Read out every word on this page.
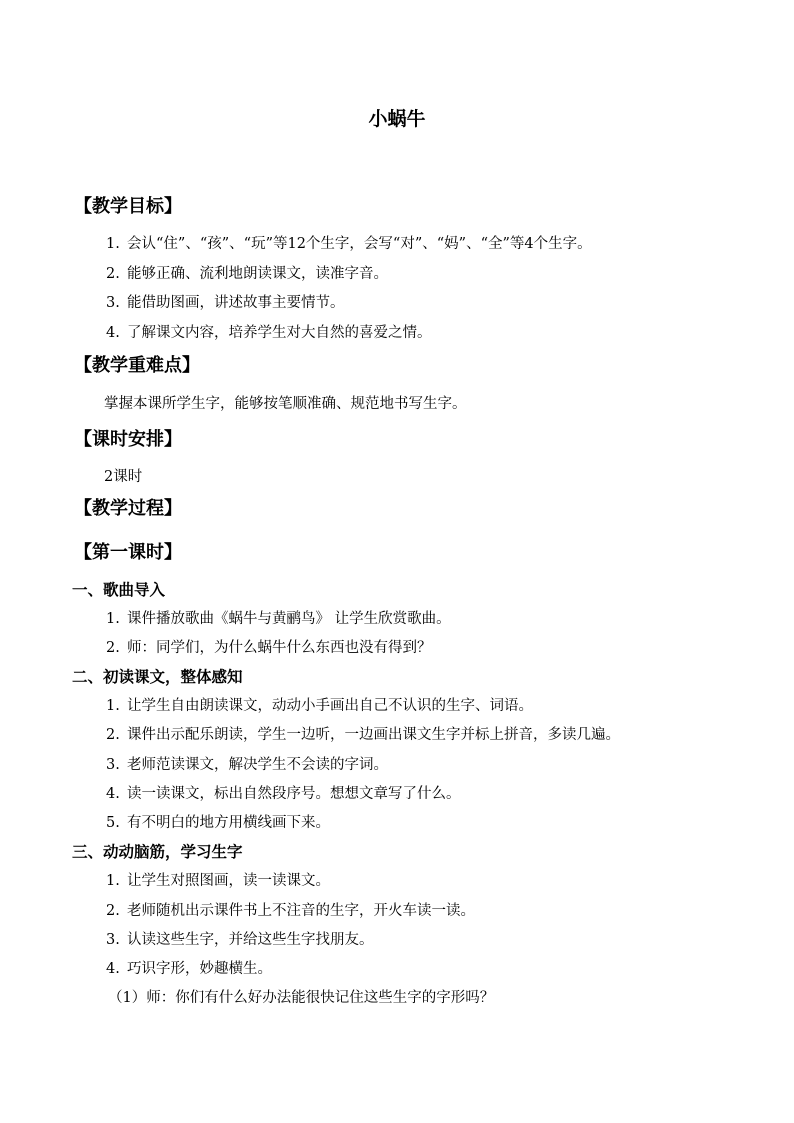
小蜗牛
【教学目标】
1. 会认“住”、“孩”、“玩”等12个生字，会写“对”、“妈”、“全”等4个生字。
2. 能够正确、流利地朗读课文，读准字音。
3. 能借助图画，讲述故事主要情节。
4. 了解课文内容，培养学生对大自然的喜爱之情。
【教学重难点】
掌握本课所学生字，能够按笔顺准确、规范地书写生字。
【课时安排】
2课时
【教学过程】
【第一课时】
一、歌曲导入
1. 课件播放歌曲《蜗牛与黄鹂鸟》 让学生欣赏歌曲。
2. 师：同学们，为什么蜗牛什么东西也没有得到？
二、初读课文，整体感知
1. 让学生自由朗读课文，动动小手画出自己不认识的生字、词语。
2. 课件出示配乐朗读，学生一边听，一边画出课文生字并标上拼音，多读几遍。
3. 老师范读课文，解决学生不会读的字词。
4. 读一读课文，标出自然段序号。想想文章写了什么。
5. 有不明白的地方用横线画下来。
三、动动脑筋，学习生字
1. 让学生对照图画，读一读课文。
2. 老师随机出示课件书上不注音的生字，开火车读一读。
3. 认读这些生字，并给这些生字找朋友。
4. 巧识字形，妙趣横生。
（1）师：你们有什么好办法能很快记住这些生字的字形吗？
